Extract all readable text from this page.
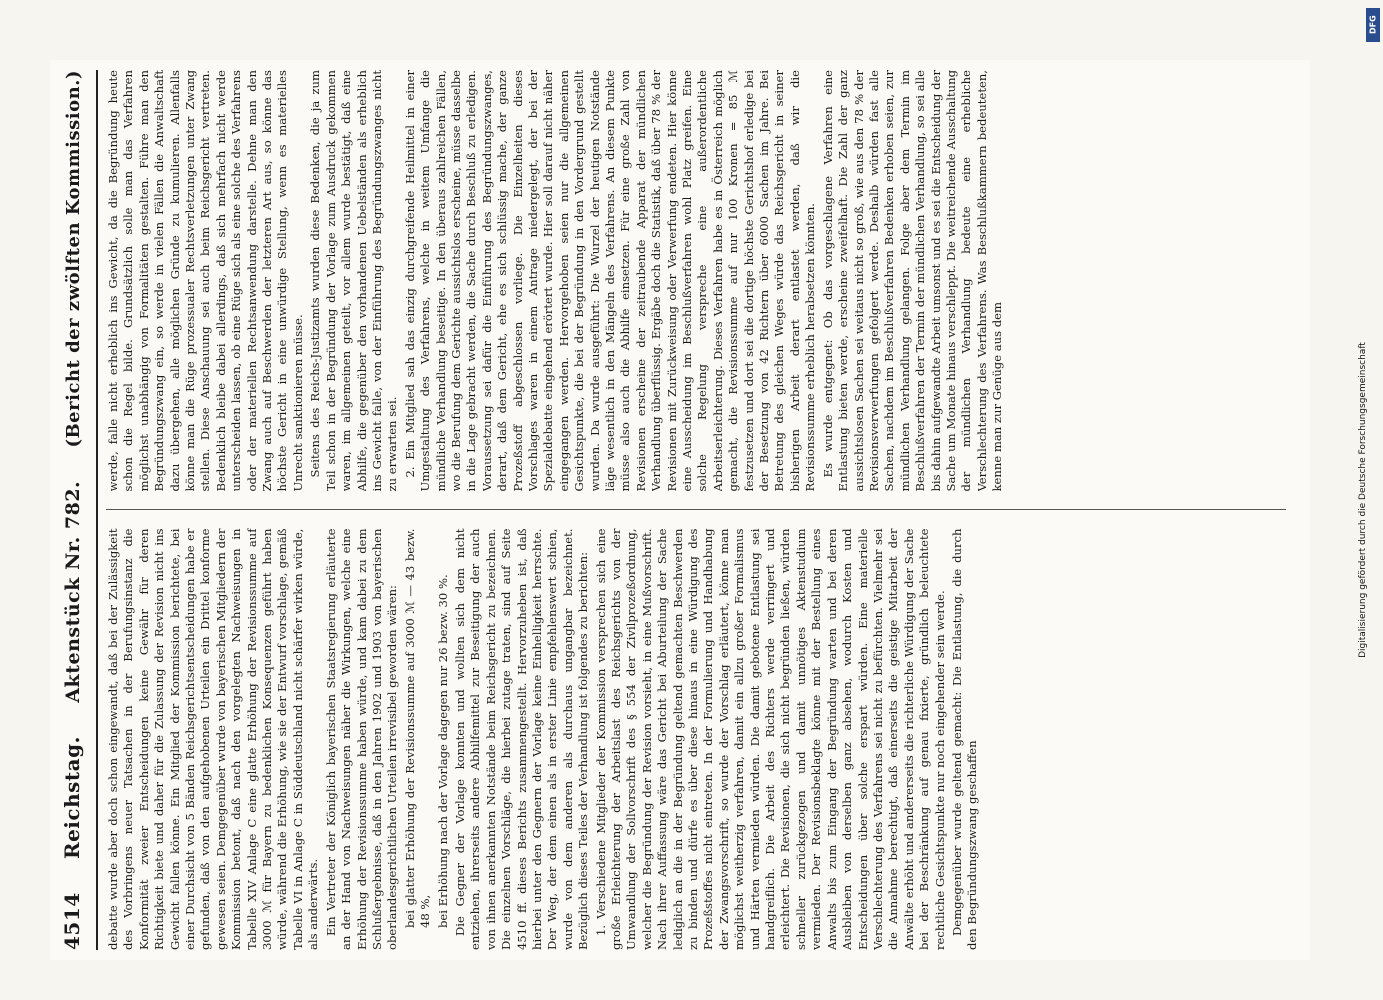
4514
Reichstag.
Aktenstück Nr. 782.
(Bericht der zwölften Kommission.)

debatte wurde aber doch schon eingewandt, daß bei der Zulässigkeit des Vorbringens neuer Tatsachen in der Berufungsinstanz die Konformität zweier Entscheidungen keine Gewähr für deren Richtigkeit biete und daher für die Zulassung der Revision nicht ins Gewicht fallen könne. Ein Mitglied der Kommission berichtete, bei einer Durchsicht von 5 Bänden Reichsgerichtsentscheidungen habe er gefunden, daß von den aufgehobenen Urteilen ein Drittel konforme gewesen seien. Demgegenüber wurde von bayerischen Mitgliedern der Kommission betont, daß nach den vorgelegten Nachweisungen in Tabelle XIV Anlage C eine glatte Erhöhung der Revisionssumme auf 3000 ℳ für Bayern zu bedenklichen Konsequenzen geführt haben würde, während die Erhöhung, wie sie der Entwurf vorschlage, gemäß Tabelle VI in Anlage C in Süddeutschland nicht schärfer wirken würde, als anderwärts. Ein Vertreter der Königlich bayerischen Staatsregierung erläuterte an der Hand von Nachweisungen näher die Wirkungen, welche eine Erhöhung der Revisionssumme haben würde, und kam dabei zu dem Schlußergebnisse, daß in den Jahren 1902 und 1903 von bayerischen oberlandesgerichtlichen Urteilen irrevisibel geworden wären: bei glatter Erhöhung der Revisionssumme auf 3000 ℳ — 43 bezw. 48 %, bei Erhöhung nach der Vorlage dagegen nur 26 bezw. 30 %. Die Gegner der Vorlage konnten und wollten sich dem nicht entziehen, ihrerseits andere Abhilfemittel zur Beseitigung der auch von ihnen anerkannten Notstände beim Reichsgericht zu bezeichnen. Die einzelnen Vorschläge, die hierbei zutage traten, sind auf Seite 4510 ff. dieses Berichts zusammengestellt. Hervorzuheben ist, daß hierbei unter den Gegnern der Vorlage keine Einhelligkeit herrschte. Der Weg, der dem einen als in erster Linie empfehlenswert schien, wurde von dem anderen als durchaus ungangbar bezeichnet. Bezüglich dieses Teiles der Verhandlung ist folgendes zu berichten: 1. Verschiedene Mitglieder der Kommission versprechen sich eine große Erleichterung der Arbeitslast des Reichsgerichts von der Umwandlung der Sollvorschrift des § 554 der Zivilprozeßordnung, welcher die Begründung der Revision vorsieht, in eine Mußvorschrift. Nach ihrer Auffassung wäre das Gericht bei Aburteilung der Sache lediglich an die in der Begründung geltend gemachten Beschwerden zu binden und dürfe es über diese hinaus in eine Würdigung des Prozeßstoffes nicht eintreten. In der Formulierung und Handhabung der Zwangsvorschrift, so wurde der Vorschlag erläutert, könne man möglichst weitherzig verfahren, damit ein allzu großer Formalismus und Härten vermieden würden. Die damit gebotene Entlastung sei handgreiflich. Die Arbeit des Richters werde verringert und erleichtert. Die Revisionen, die sich nicht begründen ließen, würden schneller zurückgezogen und damit unnötiges Aktenstudium vermieden. Der Revisionsbeklagte könne mit der Bestellung eines Anwalts bis zum Eingang der Begründung warten und bei deren Ausbleiben von derselben ganz absehen, wodurch Kosten und Entscheidungen über solche erspart würden. Eine materielle Verschlechterung des Verfahrens sei nicht zu befürchten. Vielmehr sei die Annahme berechtigt, daß einerseits die geistige Mitarbeit der Anwälte erhöht und andererseits die richterliche Würdigung der Sache bei der Beschränkung auf genau fixierte, gründlich beleuchtete rechtliche Gesichtspunkte nur noch eingehender sein werde. Demgegenüber wurde geltend gemacht: Die Entlastung, die durch den Begründungszwang geschaffen

werde, falle nicht erheblich ins Gewicht, da die Begründung heute schon die Regel bilde. Grundsätzlich solle man das Verfahren möglichst unabhängig von Formalitäten gestalten. Führe man den Begründungszwang ein, so werde in vielen Fällen die Anwaltschaft dazu übergehen, alle möglichen Gründe zu kumulieren. Allenfalls könne man die Rüge prozessualer Rechtsverletzungen unter Zwang stellen. Diese Anschauung sei auch beim Reichsgericht vertreten. Bedenklich bleibe dabei allerdings, daß sich mehrfach nicht werde unterscheiden lassen, ob eine Rüge sich als eine solche des Verfahrens oder der materiellen Rechtsanwendung darstelle. Dehne man den Zwang auch auf Beschwerden der letzteren Art aus, so könne das höchste Gericht in eine unwürdige Stellung, wenn es materielles Unrecht sanktionieren müsse. Seitens des Reichs-Justizamts wurden diese Bedenken, die ja zum Teil schon in der Begründung der Vorlage zum Ausdruck gekommen waren, im allgemeinen geteilt, vor allem wurde bestätigt, daß eine Abhilfe, die gegenüber den vorhandenen Uebelständen als erheblich ins Gewicht falle, von der Einführung des Begründungszwanges nicht zu erwarten sei. 2. Ein Mitglied sah das einzig durchgreifende Heilmittel in einer Umgestaltung des Verfahrens, welche in weitem Umfange die mündliche Verhandlung beseitige. In den überaus zahlreichen Fällen, wo die Berufung dem Gerichte aussichtslos erscheine, müsse dasselbe in die Lage gebracht werden, die Sache durch Beschluß zu erledigen. Voraussetzung sei dafür die Einführung des Begründungszwanges, derart, daß dem Gericht, ehe es sich schlüssig mache, der ganze Prozeßstoff abgeschlossen vorliege. Die Einzelheiten dieses Vorschlages waren in einem Antrage niedergelegt, der bei der Spezialdebatte eingehend erörtert wurde. Hier soll darauf nicht näher eingegangen werden. Hervorgehoben seien nur die allgemeinen Gesichtspunkte, die bei der Begründung in den Vordergrund gestellt wurden. Da wurde ausgeführt: Die Wurzel der heutigen Notstände läge wesentlich in den Mängeln des Verfahrens. An diesem Punkte müsse also auch die Abhilfe einsetzen. Für eine große Zahl von Revisionen erscheine der zeitraubende Apparat der mündlichen Verhandlung überflüssig. Ergäbe doch die Statistik, daß über 78 % der Revisionen mit Zurückweisung oder Verwerfung endeten. Hier könne eine Ausscheidung im Beschlußverfahren wohl Platz greifen. Eine solche Regelung verspreche eine außerordentliche Arbeitserleichterung. Dieses Verfahren habe es in Österreich möglich gemacht, die Revisionssumme auf nur 100 Kronen = 85 ℳ festzusetzen und dort sei die dortige höchste Gerichtshof erledige bei der Besetzung von 42 Richtern über 6000 Sachen im Jahre. Bei Betretung des gleichen Weges würde das Reichsgericht in seiner bisherigen Arbeit derart entlastet werden, daß wir die Revisionssumme erheblich herabsetzen könnten. Es wurde entgegnet: Ob das vorgeschlagene Verfahren eine Entlastung bieten werde, erscheine zweifelhaft. Die Zahl der ganz aussichtslosen Sachen sei weitaus nicht so groß, wie aus den 78 % der Revisionsverwerfungen gefolgert werde. Deshalb würden fast alle Sachen, nachdem im Beschlußverfahren Bedenken erhoben seien, zur mündlichen Verhandlung gelangen. Folge aber dem Termin im Beschlußverfahren der Termin der mündlichen Verhandlung, so sei alle bis dahin aufgewandte Arbeit umsonst und es sei die Entscheidung der Sache um Monate hinaus verschleppt. Die weitreichende Ausschaltung der mündlichen Verhandlung bedeute eine erhebliche Verschlechterung des Verfahrens. Was Beschlußkammern bedeuteten, kenne man zur Genüge aus dem	Digitalisierung gefördert durch die Deutsche Forschungsgemeinschaft
DFG
